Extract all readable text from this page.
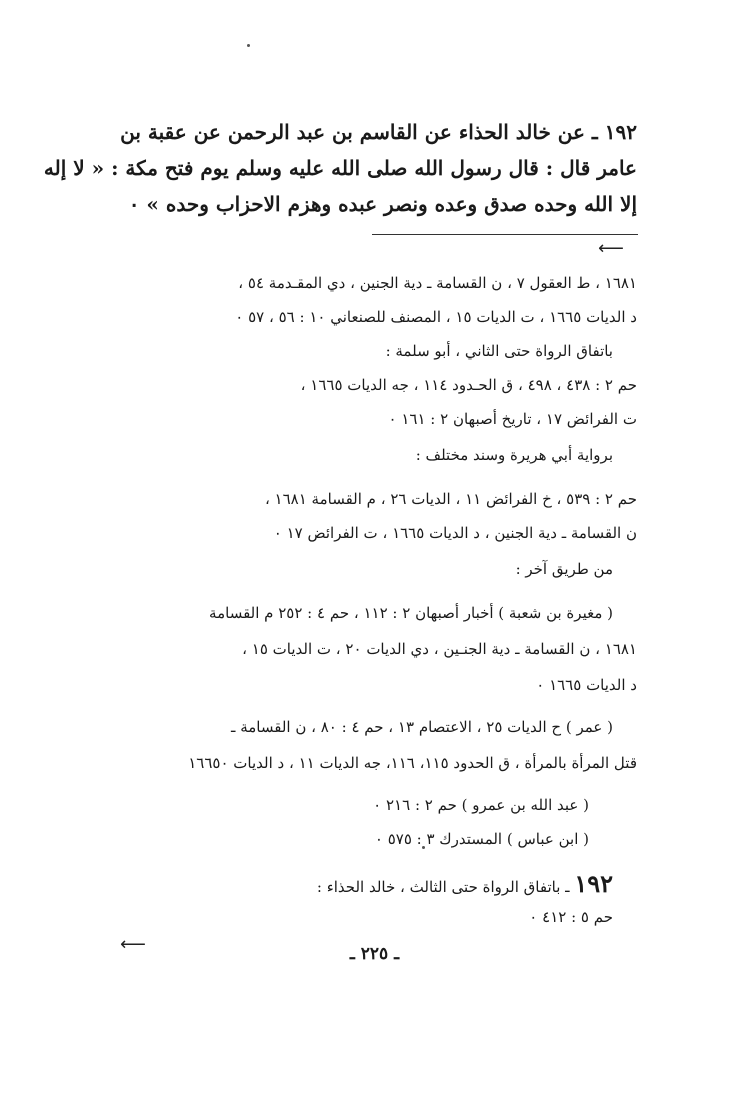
١٩٢ ـ عن خالد الحذاء عن القاسم بن عبد الرحمن عن عقبة بن
عامر قال : قال رسول الله صلى الله عليه وسلم يوم فتح مكة : « لا إله
إلا الله وحده صدق وعده ونصر عبده وهزم الاحزاب وحده » ٠
⟵
١٦٨١ ، ط العقول ٧ ، ن القسامة ـ دية الجنين ، دي المقـدمة ٥٤ ،
د الديات ١٦٦٥ ، ت الديات ١٥ ، المصنف للصنعاني ١٠ : ٥٦ ، ٥٧ ٠
باتفاق الرواة حتى الثاني ، أبو سلمة :
حم ٢ : ٤٣٨ ، ٤٩٨ ، ق الحـدود ١١٤ ، جه الديات ١٦٦٥ ،
ت الفرائض ١٧ ، تاريخ أصبهان ٢ : ١٦١ ٠
برواية أبي هريرة وسند مختلف :
حم ٢ : ٥٣٩ ، خ الفرائض ١١ ، الديات ٢٦ ، م القسامة ١٦٨١ ،
ن القسامة ـ دية الجنين ، د الديات ١٦٦٥ ، ت الفرائض ١٧ ٠
من طريق آخر :
( مغيرة بن شعبة ) أخبار أصبهان ٢ : ١١٢ ، حم ٤ : ٢٥٢ م القسامة
١٦٨١ ، ن القسامة ـ دية الجنـين ، دي الديات ٢٠ ، ت الديات ١٥ ،
د الديات ١٦٦٥ ٠
( عمر ) ح الديات ٢٥ ، الاعتصام ١٣ ، حم ٤ : ٨٠ ، ن القسامة ـ
قتل المرأة بالمرأة ، ق الحدود ١١٥، ١١٦، جه الديات ١١ ، د الديات ١٦٦٥٠
( عبد الله بن عمرو ) حم ٢ : ٢١٦ ٠
( ابن عباس ) المستدرك ٣ : ٥٧٥ ٠
١٩٢ ـ باتفاق الرواة حتى الثالث ، خالد الحذاء :
حم ٥ : ٤١٢ ٠
⟵	ـ ٢٢٥ ـ
